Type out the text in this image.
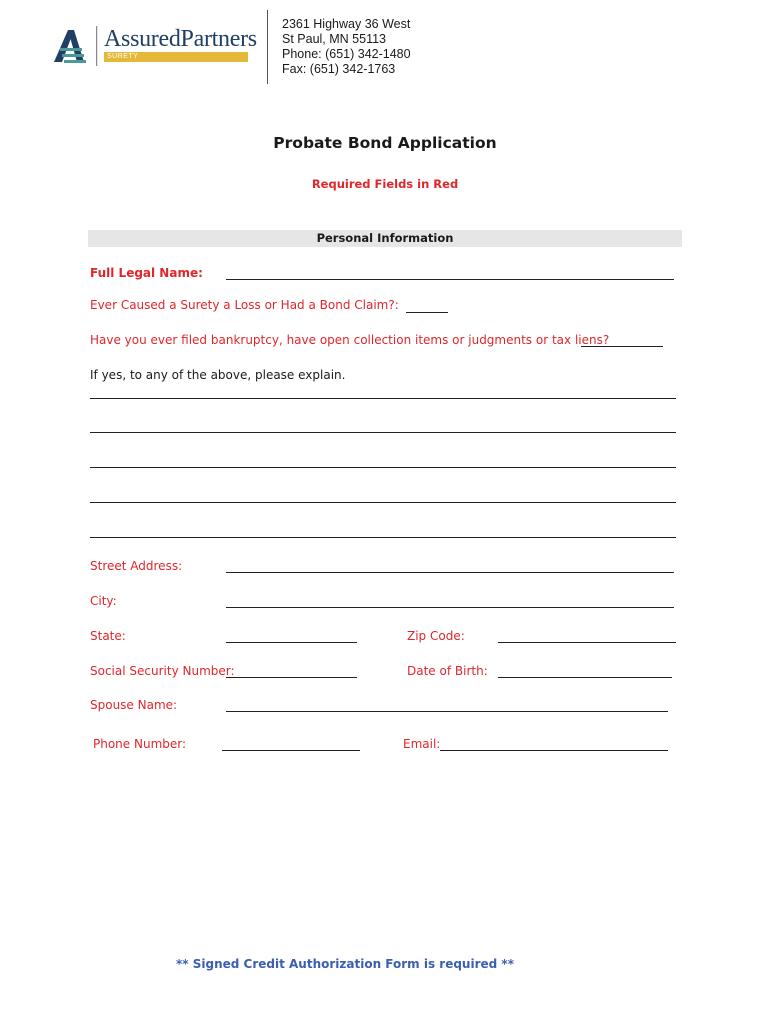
AssuredPartners
SURETY
2361 Highway 36 West
St Paul, MN 55113
Phone: (651) 342-1480
Fax: (651) 342-1763
Probate Bond Application
Required Fields in Red
Personal Information
Full Legal Name:
Ever Caused a Surety a Loss or Had a Bond Claim?:
Have you ever filed bankruptcy, have open collection items or judgments or tax liens?
If yes, to any of the above, please explain.
Street Address:
City:
State:	Zip Code:
Social Security Number:	Date of Birth:
Spouse Name:
Phone Number:	Email:
** Signed Credit Authorization Form is required **
